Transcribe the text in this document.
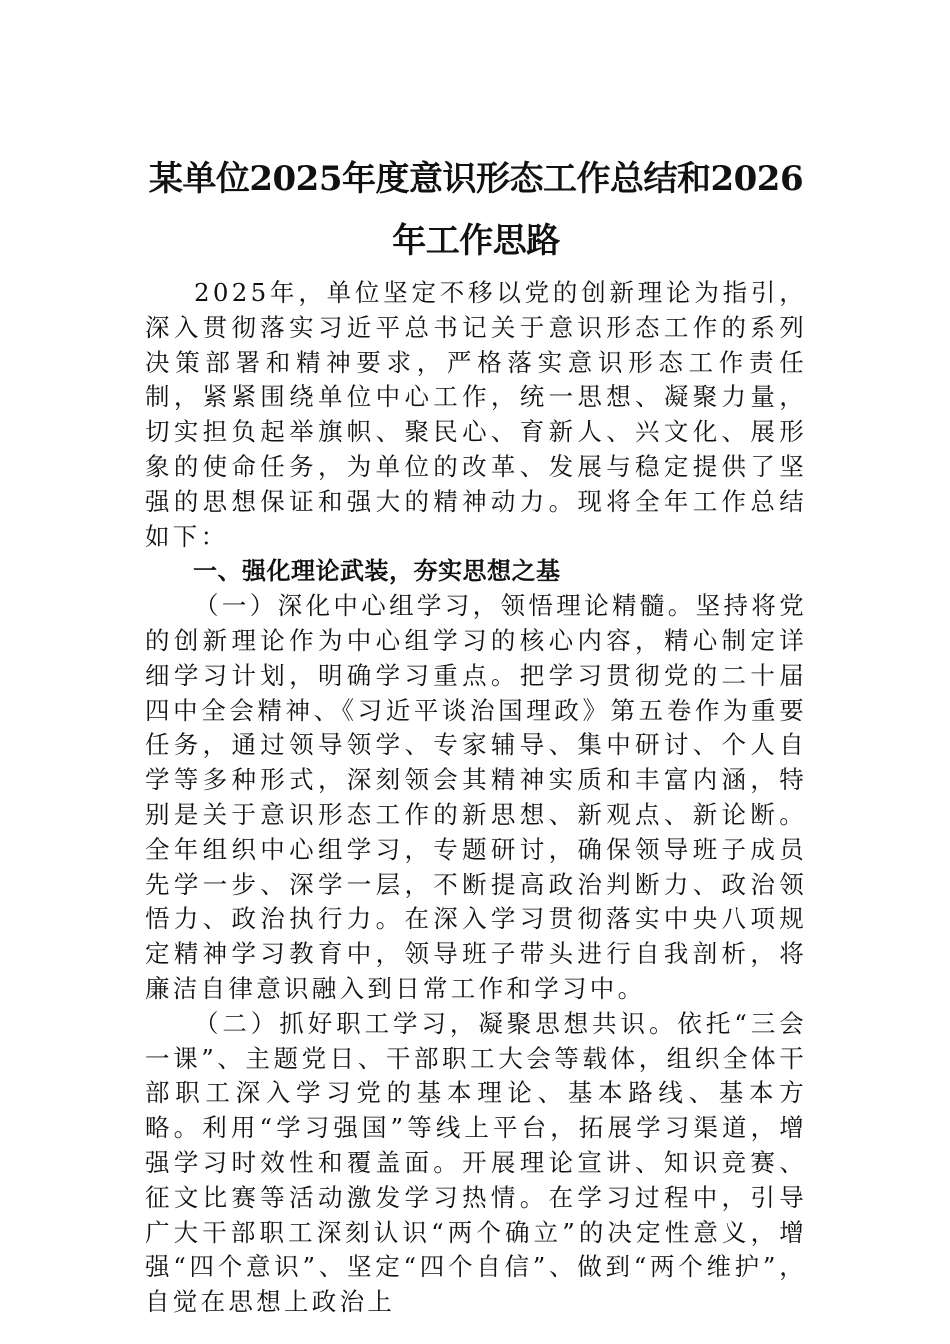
某单位2025年度意识形态工作总结和2026年工作思路

2025年，单位坚定不移以党的创新理论为指引，深入贯彻落实习近平总书记关于意识形态工作的系列决策部署和精神要求，严格落实意识形态工作责任制，紧紧围绕单位中心工作，统一思想、凝聚力量，切实担负起举旗帜、聚民心、育新人、兴文化、展形象的使命任务，为单位的改革、发展与稳定提供了坚强的思想保证和强大的精神动力。现将全年工作总结如下：

一、强化理论武装，夯实思想之基

（一）深化中心组学习，领悟理论精髓。坚持将党的创新理论作为中心组学习的核心内容，精心制定详细学习计划，明确学习重点。把学习贯彻党的二十届四中全会精神、《习近平谈治国理政》第五卷作为重要任务，通过领导领学、专家辅导、集中研讨、个人自学等多种形式，深刻领会其精神实质和丰富内涵，特别是关于意识形态工作的新思想、新观点、新论断。全年组织中心组学习，专题研讨，确保领导班子成员先学一步、深学一层，不断提高政治判断力、政治领悟力、政治执行力。在深入学习贯彻落实中央八项规定精神学习教育中，领导班子带头进行自我剖析，将廉洁自律意识融入到日常工作和学习中。

（二）抓好职工学习，凝聚思想共识。依托“三会一课”、主题党日、干部职工大会等载体，组织全体干部职工深入学习党的基本理论、基本路线、基本方略。利用“学习强国”等线上平台，拓展学习渠道，增强学习时效性和覆盖面。开展理论宣讲、知识竞赛、征文比赛等活动激发学习热情。在学习过程中，引导广大干部职工深刻认识“两个确立”的决定性意义，增强“四个意识”、坚定“四个自信”、做到“两个维护”，自觉在思想上政治上
